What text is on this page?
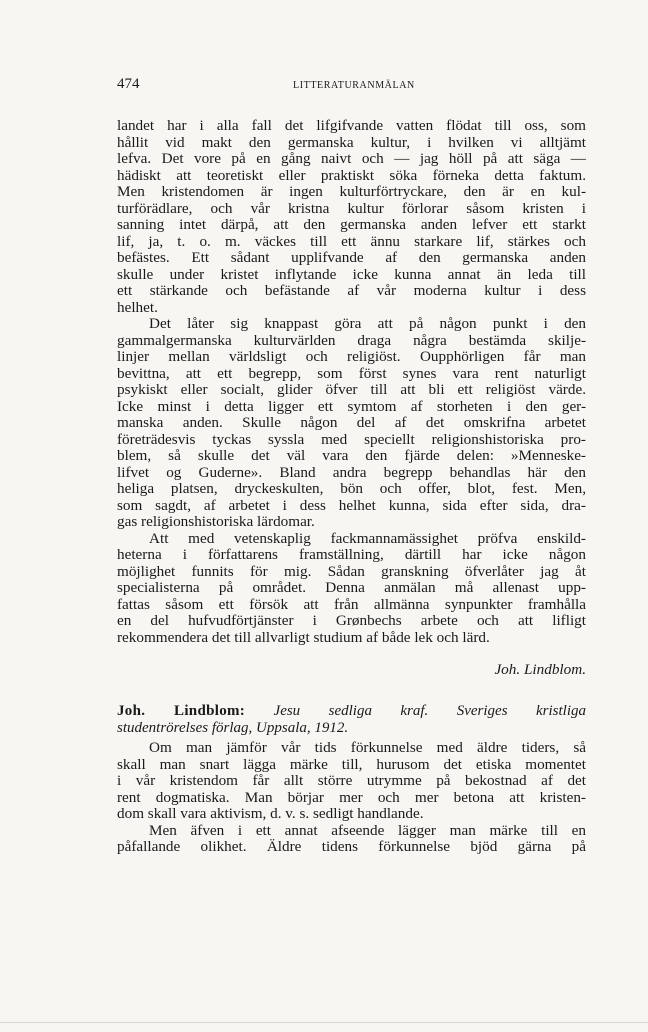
474	LITTERATURANMÄLAN
landet har i alla fall det lifgifvande vatten flödat till oss, som
hållit vid makt den germanska kultur, i hvilken vi alltjämt
lefva. Det vore på en gång naivt och — jag höll på att säga —
hädiskt att teoretiskt eller praktiskt söka förneka detta faktum.
Men kristendomen är ingen kulturförtryckare, den är en kul-
turförädlare, och vår kristna kultur förlorar såsom kristen i
sanning intet därpå, att den germanska anden lefver ett starkt
lif, ja, t. o. m. väckes till ett ännu starkare lif, stärkes och
befästes. Ett sådant upplifvande af den germanska anden
skulle under kristet inflytande icke kunna annat än leda till
ett stärkande och befästande af vår moderna kultur i dess
helhet.
Det låter sig knappast göra att på någon punkt i den
gammalgermanska kulturvärlden draga några bestämda skilje-
linjer mellan världsligt och religiöst. Oupphörligen får man
bevittna, att ett begrepp, som först synes vara rent naturligt
psykiskt eller socialt, glider öfver till att bli ett religiöst värde.
Icke minst i detta ligger ett symtom af storheten i den ger-
manska anden. Skulle någon del af det omskrifna arbetet
företrädesvis tyckas syssla med speciellt religionshistoriska pro-
blem, så skulle det väl vara den fjärde delen: »Menneske-
lifvet og Guderne». Bland andra begrepp behandlas här den
heliga platsen, dryckeskulten, bön och offer, blot, fest. Men,
som sagdt, af arbetet i dess helhet kunna, sida efter sida, dra-
gas religionshistoriska lärdomar.
Att med vetenskaplig fackmannamässighet pröfva enskild-
heterna i författarens framställning, därtill har icke någon
möjlighet funnits för mig. Sådan granskning öfverlåter jag åt
specialisterna på området. Denna anmälan må allenast upp-
fattas såsom ett försök att från allmänna synpunkter framhålla
en del hufvudförtjänster i Grønbechs arbete och att lifligt
rekommendera det till allvarligt studium af både lek och lärd.
Joh. Lindblom.
Joh. Lindblom: Jesu sedliga kraf. Sveriges kristliga
studentrörelses förlag, Uppsala, 1912.
Om man jämför vår tids förkunnelse med äldre tiders, så
skall man snart lägga märke till, hurusom det etiska momentet
i vår kristendom får allt större utrymme på bekostnad af det
rent dogmatiska. Man börjar mer och mer betona att kristen-
dom skall vara aktivism, d. v. s. sedligt handlande.
Men äfven i ett annat afseende lägger man märke till en
påfallande olikhet. Äldre tidens förkunnelse bjöd gärna på
